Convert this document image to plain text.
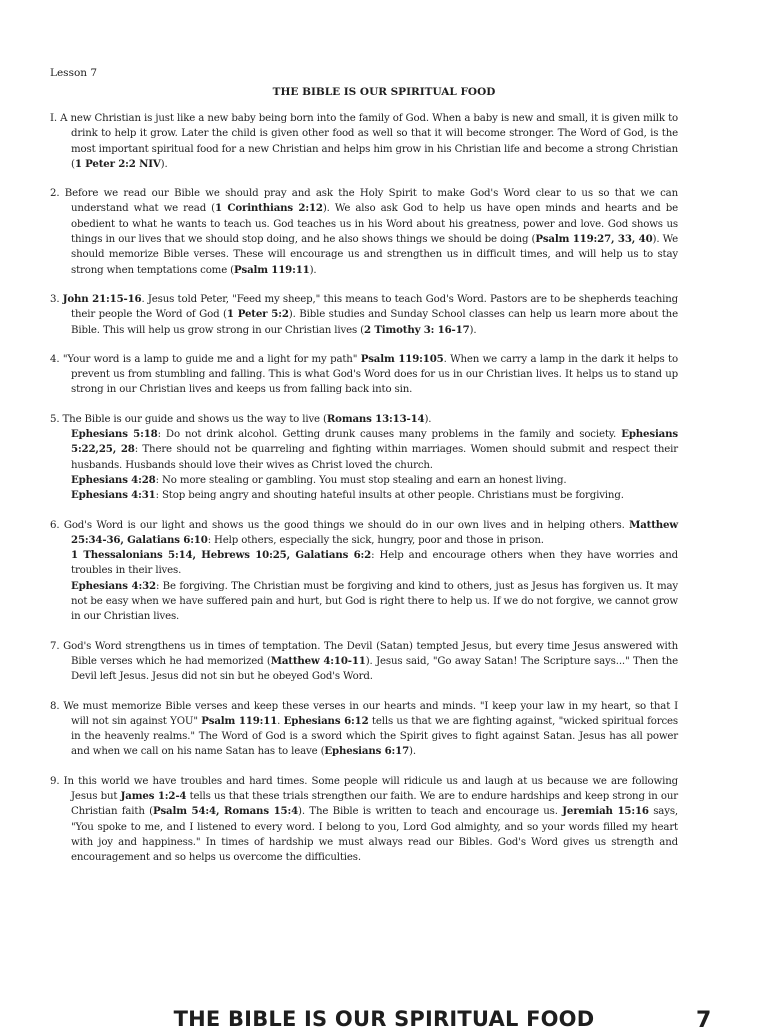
Lesson 7
THE BIBLE IS OUR SPIRITUAL FOOD

I. A new Christian is just like a new baby being born into the family of God. When a baby is new and small, it is given milk to drink to help it grow. Later the child is given other food as well so that it will become stronger. The Word of God, is the most important spiritual food for a new Christian and helps him grow in his Christian life and become a strong Christian (1 Peter 2:2 NIV).

2. Before we read our Bible we should pray and ask the Holy Spirit to make God's Word clear to us so that we can understand what we read (1 Corinthians 2:12). We also ask God to help us have open minds and hearts and be obedient to what he wants to teach us. God teaches us in his Word about his greatness, power and love. God shows us things in our lives that we should stop doing, and he also shows things we should be doing (Psalm 119:27, 33, 40). We should memorize Bible verses. These will encourage us and strengthen us in difficult times, and will help us to stay strong when temptations come (Psalm 119:11).

3. John 21:15-16. Jesus told Peter, "Feed my sheep," this means to teach God's Word. Pastors are to be shepherds teaching their people the Word of God (1 Peter 5:2). Bible studies and Sunday School classes can help us learn more about the Bible. This will help us grow strong in our Christian lives (2 Timothy 3: 16-17).

4. "Your word is a lamp to guide me and a light for my path" Psalm 119:105. When we carry a lamp in the dark it helps to prevent us from stumbling and falling. This is what God's Word does for us in our Christian lives. It helps us to stand up strong in our Christian lives and keeps us from falling back into sin.

5. The Bible is our guide and shows us the way to live (Romans 13:13-14).

Ephesians 5:18: Do not drink alcohol. Getting drunk causes many problems in the family and society. Ephesians 5:22,25, 28: There should not be quarreling and fighting within marriages. Women should submit and respect their husbands. Husbands should love their wives as Christ loved the church.

Ephesians 4:28: No more stealing or gambling. You must stop stealing and earn an honest living.

Ephesians 4:31: Stop being angry and shouting hateful insults at other people. Christians must be forgiving.

6. God's Word is our light and shows us the good things we should do in our own lives and in helping others. Matthew 25:34-36, Galatians 6:10: Help others, especially the sick, hungry, poor and those in prison.

1 Thessalonians 5:14, Hebrews 10:25, Galatians 6:2: Help and encourage others when they have worries and troubles in their lives.

Ephesians 4:32: Be forgiving. The Christian must be forgiving and kind to others, just as Jesus has forgiven us. It may not be easy when we have suffered pain and hurt, but God is right there to help us. If we do not forgive, we cannot grow in our Christian lives.

7. God's Word strengthens us in times of temptation. The Devil (Satan) tempted Jesus, but every time Jesus answered with Bible verses which he had memorized (Matthew 4:10-11). Jesus said, "Go away Satan! The Scripture says..." Then the Devil left Jesus. Jesus did not sin but he obeyed God's Word.

8. We must memorize Bible verses and keep these verses in our hearts and minds. "I keep your law in my heart, so that I will not sin against YOU" Psalm 119:11. Ephesians 6:12 tells us that we are fighting against, "wicked spiritual forces in the heavenly realms." The Word of God is a sword which the Spirit gives to fight against Satan. Jesus has all power and when we call on his name Satan has to leave (Ephesians 6:17).

9. In this world we have troubles and hard times. Some people will ridicule us and laugh at us because we are following Jesus but James 1:2-4 tells us that these trials strengthen our faith. We are to endure hardships and keep strong in our Christian faith (Psalm 54:4, Romans 15:4). The Bible is written to teach and encourage us. Jeremiah 15:16 says, "You spoke to me, and I listened to every word. I belong to you, Lord God almighty, and so your words filled my heart with joy and happiness." In times of hardship we must always read our Bibles. God's Word gives us strength and encouragement and so helps us overcome the difficulties.

THE BIBLE IS OUR SPIRITUAL FOOD	7
